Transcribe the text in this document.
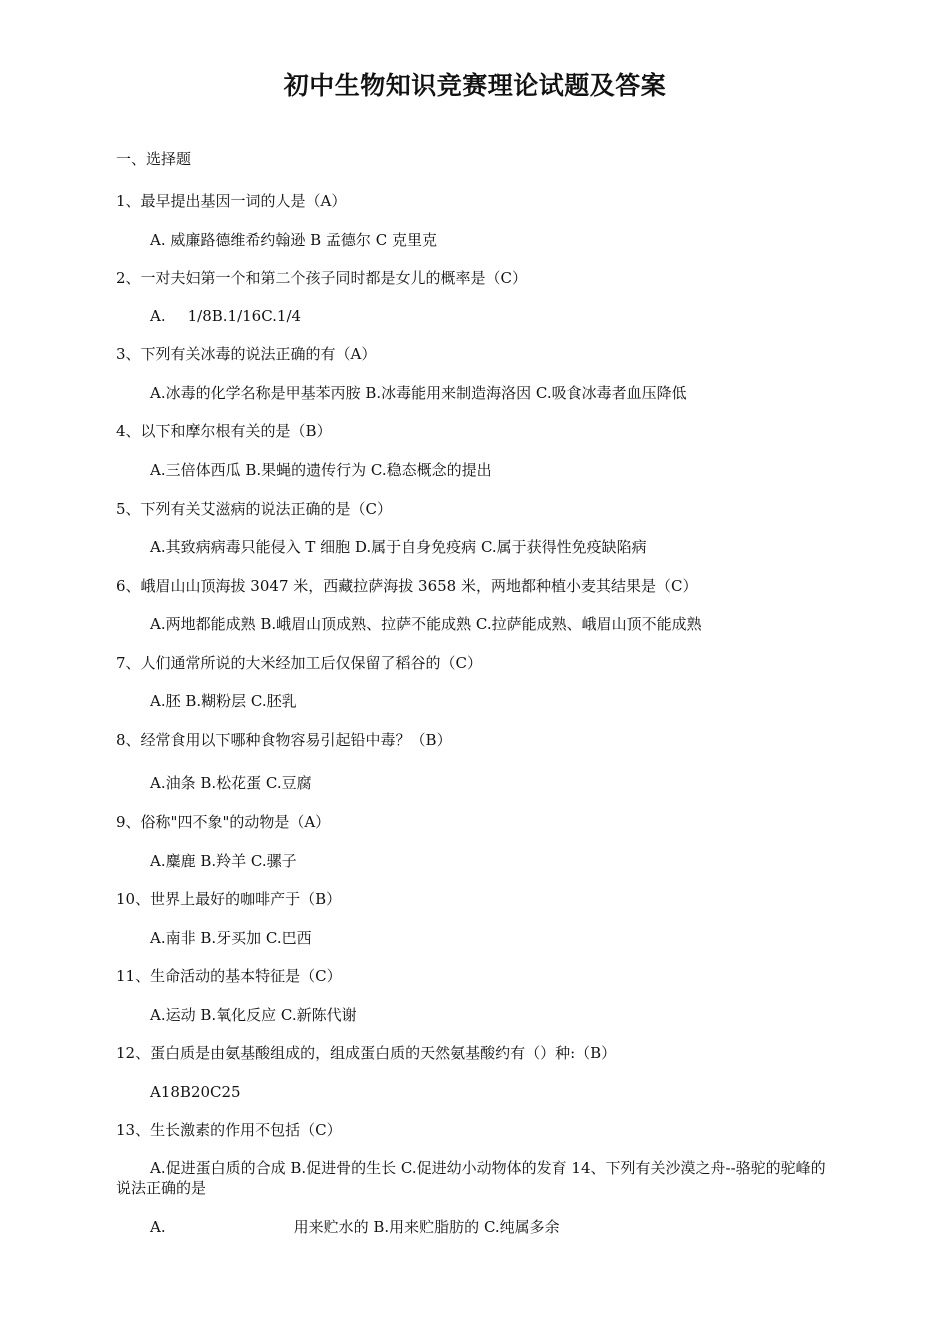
初中生物知识竞赛理论试题及答案
一、选择题
1、最早提出基因一词的人是（A）
A. 威廉路德维希约翰逊 B 孟德尔 C 克里克
2、一对夫妇第一个和第二个孩子同时都是女儿的概率是（C）
A. 1/8B.1/16C.1/4
3、下列有关冰毒的说法正确的有（A）
A.冰毒的化学名称是甲基苯丙胺 B.冰毒能用来制造海洛因 C.吸食冰毒者血压降低
4、以下和摩尔根有关的是（B）
A.三倍体西瓜 B.果蝇的遗传行为 C.稳态概念的提出
5、下列有关艾滋病的说法正确的是（C）
A.其致病病毒只能侵入 T 细胞 D.属于自身免疫病 C.属于获得性免疫缺陷病
6、峨眉山山顶海拔 3047 米，西藏拉萨海拔 3658 米，两地都种植小麦其结果是（C）
A.两地都能成熟 B.峨眉山顶成熟、拉萨不能成熟 C.拉萨能成熟、峨眉山顶不能成熟
7、人们通常所说的大米经加工后仅保留了稻谷的（C）
A.胚 B.糊粉层 C.胚乳
8、经常食用以下哪种食物容易引起铅中毒？（B）
A.油条 B.松花蛋 C.豆腐
9、俗称"四不象"的动物是（A）
A.麋鹿 B.羚羊 C.骡子
10、世界上最好的咖啡产于（B）
A.南非 B.牙买加 C.巴西
11、生命活动的基本特征是（C）
A.运动 B.氧化反应 C.新陈代谢
12、蛋白质是由氨基酸组成的，组成蛋白质的天然氨基酸约有（）种:（B）
A18B20C25
13、生长激素的作用不包括（C）
A.促进蛋白质的合成 B.促进骨的生长 C.促进幼小动物体的发育 14、下列有关沙漠之舟--骆驼的驼峰的说法正确的是
A.	用来贮水的 B.用来贮脂肪的 C.纯属多余
